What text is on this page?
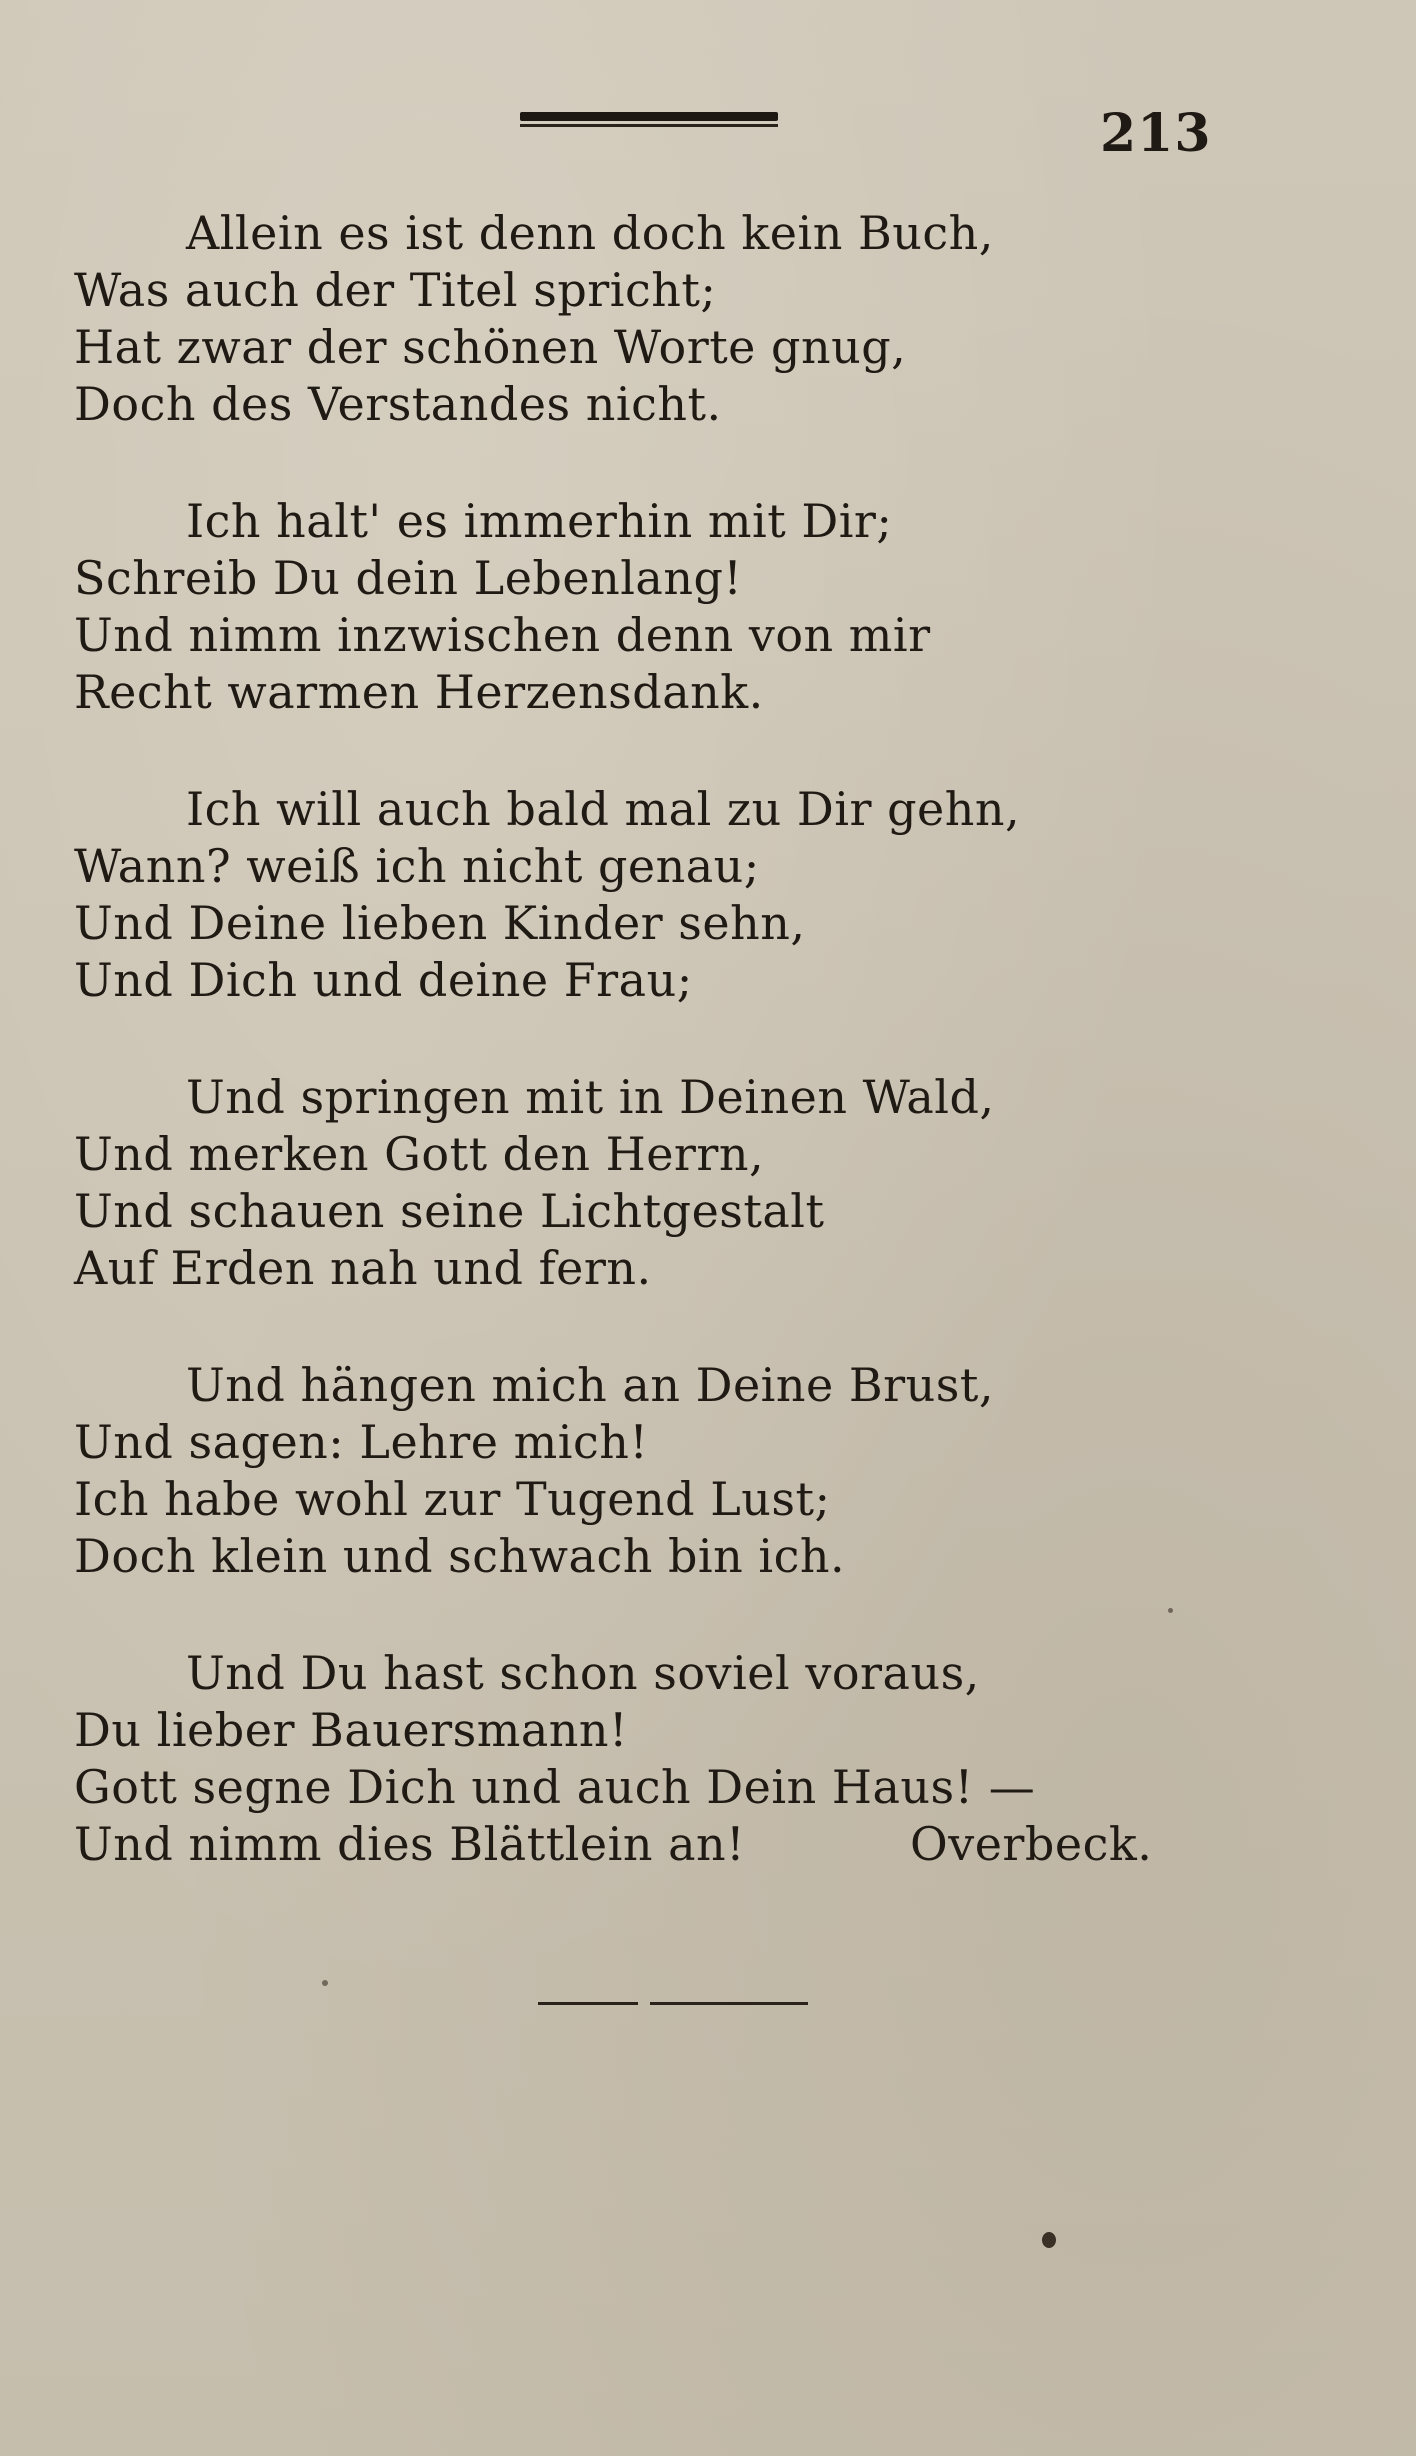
213
Allein es ist denn doch kein Buch,
Was auch der Titel spricht;
Hat zwar der schönen Worte gnug,
Doch des Verstandes nicht.
Ich halt' es immerhin mit Dir;
Schreib Du dein Lebenlang!
Und nimm inzwischen denn von mir
Recht warmen Herzensdank.
Ich will auch bald mal zu Dir gehn,
Wann? weiß ich nicht genau;
Und Deine lieben Kinder sehn,
Und Dich und deine Frau;
Und springen mit in Deinen Wald,
Und merken Gott den Herrn,
Und schauen seine Lichtgestalt
Auf Erden nah und fern.
Und hängen mich an Deine Brust,
Und sagen: Lehre mich!
Ich habe wohl zur Tugend Lust;
Doch klein und schwach bin ich.
Und Du hast schon soviel voraus,
Du lieber Bauersmann!
Gott segne Dich und auch Dein Haus! —
Und nimm dies Blättlein an!	Overbeck.
